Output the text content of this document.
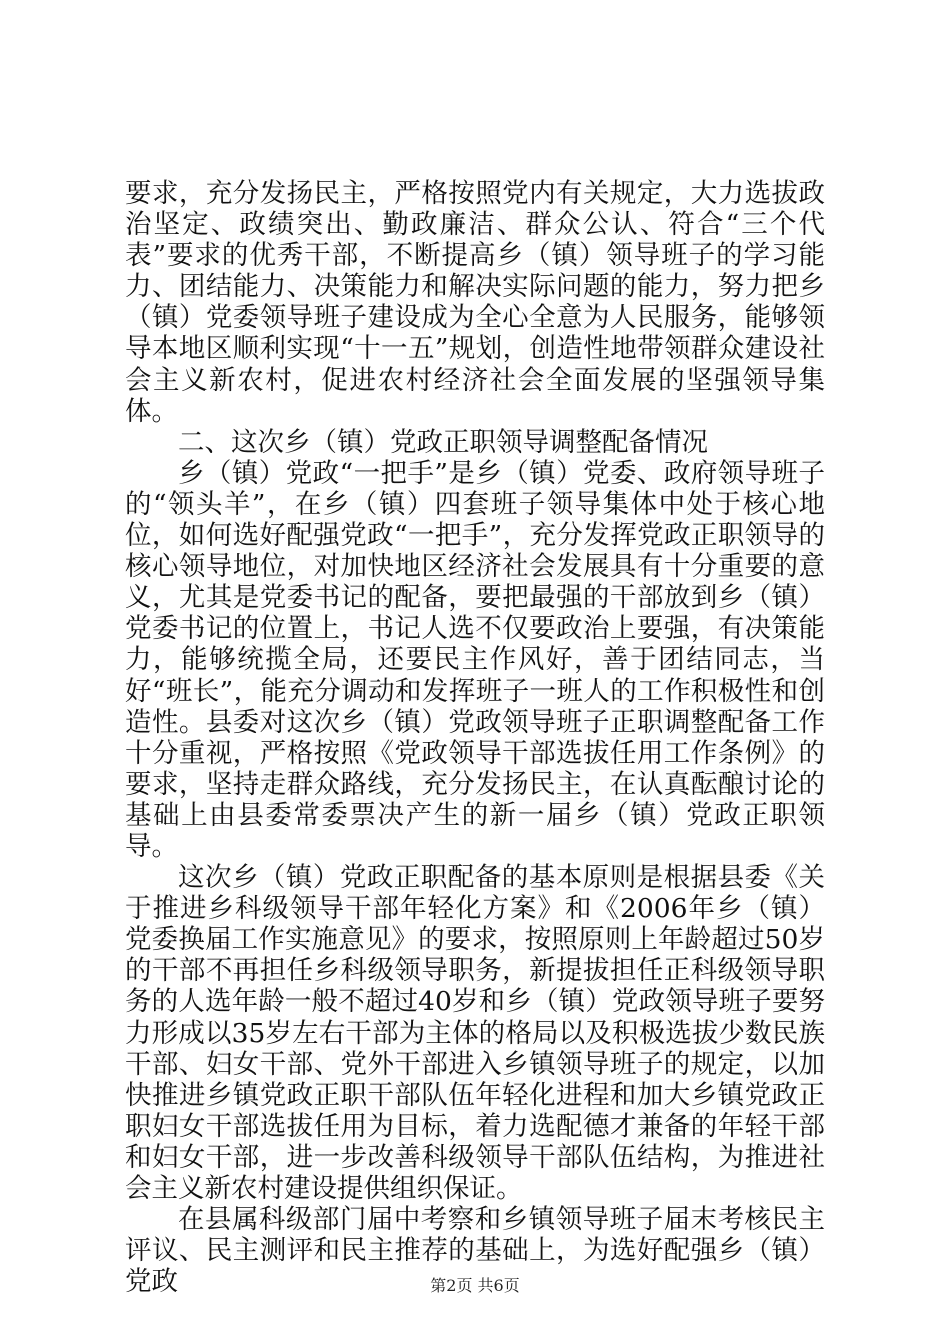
要求，充分发扬民主，严格按照党内有关规定，大力选拔政治坚定、政绩突出、勤政廉洁、群众公认、符合“三个代表”要求的优秀干部，不断提高乡（镇）领导班子的学习能力、团结能力、决策能力和解决实际问题的能力，努力把乡（镇）党委领导班子建设成为全心全意为人民服务，能够领导本地区顺利实现“十一五”规划，创造性地带领群众建设社会主义新农村，促进农村经济社会全面发展的坚强领导集体。

二、这次乡（镇）党政正职领导调整配备情况

乡（镇）党政“一把手”是乡（镇）党委、政府领导班子的“领头羊”，在乡（镇）四套班子领导集体中处于核心地位，如何选好配强党政“一把手”，充分发挥党政正职领导的核心领导地位，对加快地区经济社会发展具有十分重要的意义，尤其是党委书记的配备，要把最强的干部放到乡（镇）党委书记的位置上，书记人选不仅要政治上要强，有决策能力，能够统揽全局，还要民主作风好，善于团结同志，当好“班长”，能充分调动和发挥班子一班人的工作积极性和创造性。县委对这次乡（镇）党政领导班子正职调整配备工作十分重视，严格按照《党政领导干部选拔任用工作条例》的要求，坚持走群众路线，充分发扬民主，在认真酝酿讨论的基础上由县委常委票决产生的新一届乡（镇）党政正职领导。

这次乡（镇）党政正职配备的基本原则是根据县委《关于推进乡科级领导干部年轻化方案》和《2006年乡（镇）党委换届工作实施意见》的要求，按照原则上年龄超过50岁的干部不再担任乡科级领导职务，新提拔担任正科级领导职务的人选年龄一般不超过40岁和乡（镇）党政领导班子要努力形成以35岁左右干部为主体的格局以及积极选拔少数民族干部、妇女干部、党外干部进入乡镇领导班子的规定，以加快推进乡镇党政正职干部队伍年轻化进程和加大乡镇党政正职妇女干部选拔任用为目标，着力选配德才兼备的年轻干部和妇女干部，进一步改善科级领导干部队伍结构，为推进社会主义新农村建设提供组织保证。

在县属科级部门届中考察和乡镇领导班子届末考核民主评议、民主测评和民主推荐的基础上，为选好配强乡（镇）党政	第2页 共6页
